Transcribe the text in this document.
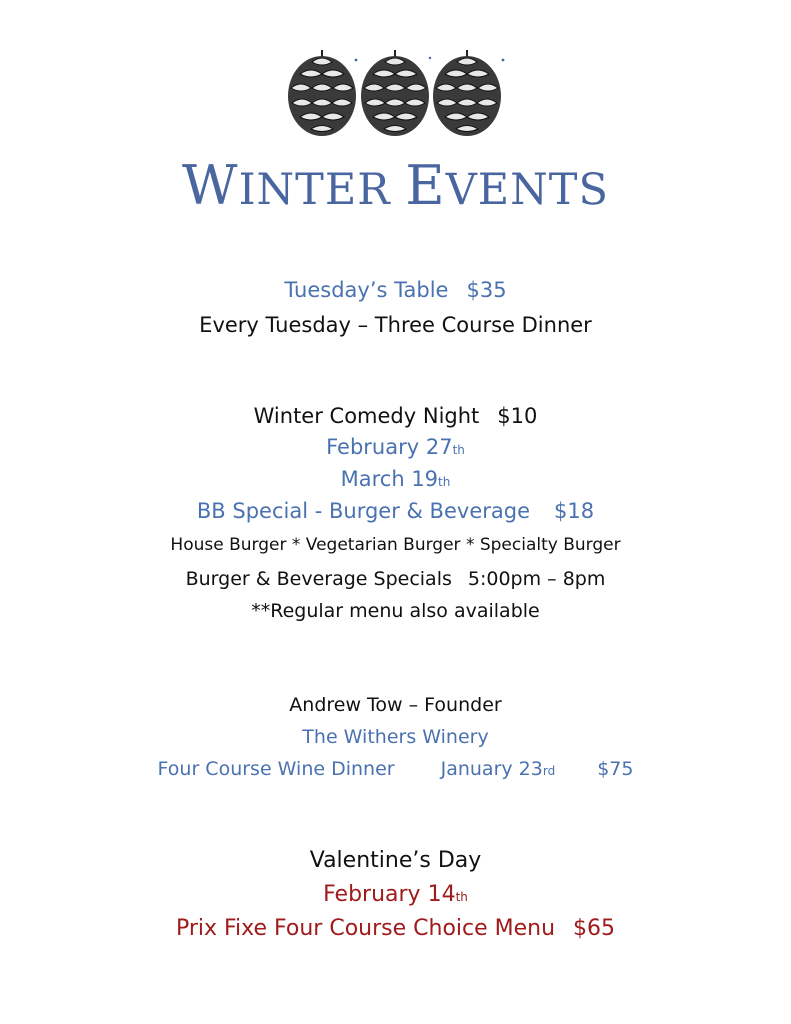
WINTER EVENTS
Tuesday’s Table $35
Every Tuesday – Three Course Dinner
Winter Comedy Night $10
February 27th
March 19th
BB Special - Burger & Beverage $18
House Burger * Vegetarian Burger * Specialty Burger
Burger & Beverage Specials 5:00pm – 8pm
**Regular menu also available
Andrew Tow – Founder
The Withers Winery
Four Course Wine Dinner January 23rd $75
Valentine’s Day
February 14th
Prix Fixe Four Course Choice Menu $65
